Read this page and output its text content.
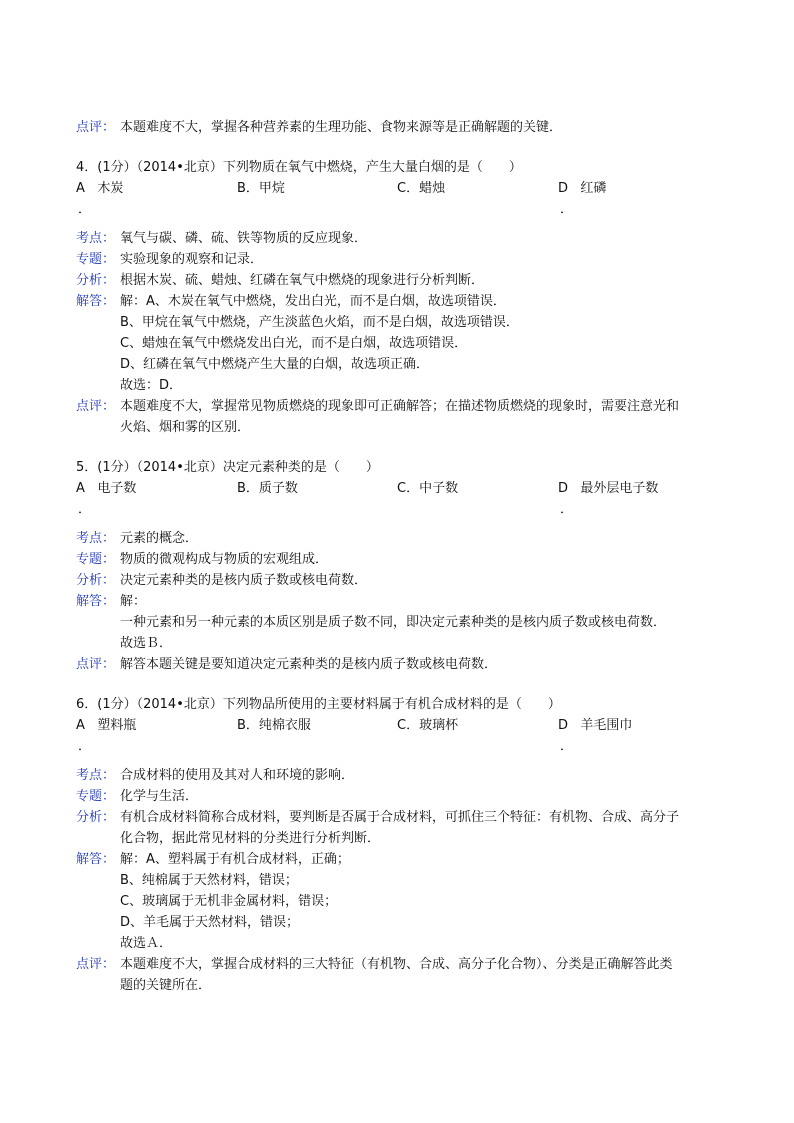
点评： 本题难度不大，掌握各种营养素的生理功能、食物来源等是正确解题的关键．
4．(1分）（2014•北京）下列物质在氧气中燃烧，产生大量白烟的是（　　）
A 木炭
．
B．甲烷	C．蜡烛	D 红磷
．
考点： 氧气与碳、磷、硫、铁等物质的反应现象．
专题： 实验现象的观察和记录．
分析： 根据木炭、硫、蜡烛、红磷在氧气中燃烧的现象进行分析判断．
解答： 解：A、木炭在氧气中燃烧，发出白光，而不是白烟，故选项错误．
B、甲烷在氧气中燃烧，产生淡蓝色火焰，而不是白烟，故选项错误．
C、蜡烛在氧气中燃烧发出白光，而不是白烟，故选项错误．
D、红磷在氧气中燃烧产生大量的白烟，故选项正确．
故选：D．
点评： 本题难度不大，掌握常见物质燃烧的现象即可正确解答；在描述物质燃烧的现象时，需要注意光和
火焰、烟和雾的区别．
5．(1分）（2014•北京）决定元素种类的是（　　）
A 电子数
．
B．质子数	C．中子数	D 最外层电子数
．
考点： 元素的概念．
专题： 物质的微观构成与物质的宏观组成．
分析： 决定元素种类的是核内质子数或核电荷数．
解答： 解：
一种元素和另一种元素的本质区别是质子数不同，即决定元素种类的是核内质子数或核电荷数．
故选Ｂ．
点评： 解答本题关键是要知道决定元素种类的是核内质子数或核电荷数．
6．(1分）（2014•北京）下列物品所使用的主要材料属于有机合成材料的是（　　）
A 塑料瓶
．
B．纯棉衣服	C．玻璃杯	D 羊毛围巾
．
考点： 合成材料的使用及其对人和环境的影响．
专题： 化学与生活．
分析： 有机合成材料简称合成材料，要判断是否属于合成材料，可抓住三个特征：有机物、合成、高分子
化合物，据此常见材料的分类进行分析判断．
解答： 解：A、塑料属于有机合成材料，正确；
B、纯棉属于天然材料，错误；
C、玻璃属于无机非金属材料，错误；
D、羊毛属于天然材料，错误；
故选Ａ．
点评： 本题难度不大，掌握合成材料的三大特征（有机物、合成、高分子化合物）、分类是正确解答此类
题的关键所在．
